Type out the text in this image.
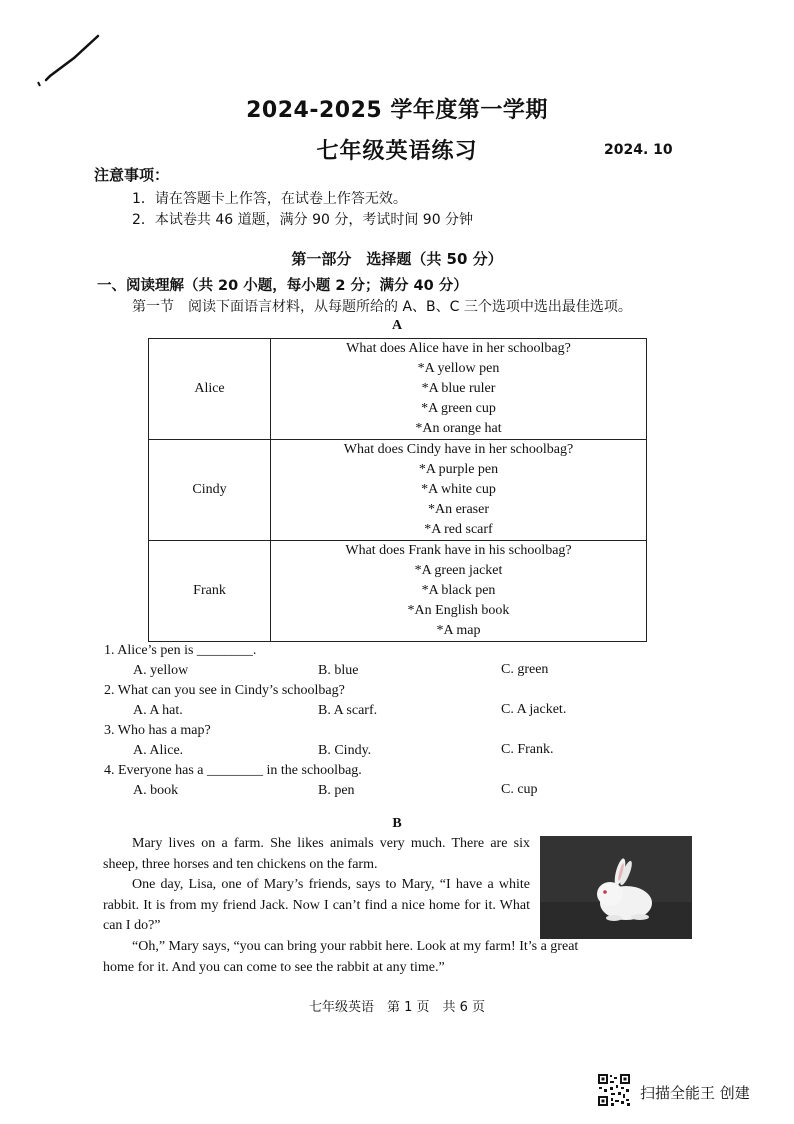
2024-2025 学年度第一学期
七年级英语练习	2024. 10
注意事项：
1．请在答题卡上作答，在试卷上作答无效。
2．本试卷共 46 道题，满分 90 分，考试时间 90 分钟
第一部分　选择题（共 50 分）
一、阅读理解（共 20 小题，每小题 2 分；满分 40 分）
第一节　阅读下面语言材料，从每题所给的 A、B、C 三个选项中选出最佳选项。
A
Alice	What does Alice have in her schoolbag?
*A yellow pen
*A blue ruler
*A green cup
*An orange hat

Cindy	What does Cindy have in her schoolbag?
*A purple pen
*A white cup
*An eraser
*A red scarf

Frank	What does Frank have in his schoolbag?
*A green jacket
*A black pen
*An English book
*A map
1. Alice’s pen is ________.
A. yellow	B. blue	C. green
2. What can you see in Cindy’s schoolbag?
A. A hat.	B. A scarf.	C. A jacket.
3. Who has a map?
A. Alice.	B. Cindy.	C. Frank.
4. Everyone has a ________ in the schoolbag.
A. book	B. pen	C. cup
B
Mary lives on a farm. She likes animals very much. There are six sheep, three horses and ten chickens on the farm.
One day, Lisa, one of Mary’s friends, says to Mary, “I have a white rabbit. It is from my friend Jack. Now I can’t find a nice home for it. What can I do?”
“Oh,” Mary says, “you can bring your rabbit here. Look at my farm! It’s a great home for it. And you can come to see the rabbit at any time.”
七年级英语　第 1 页　共 6 页
扫描全能王 创建
